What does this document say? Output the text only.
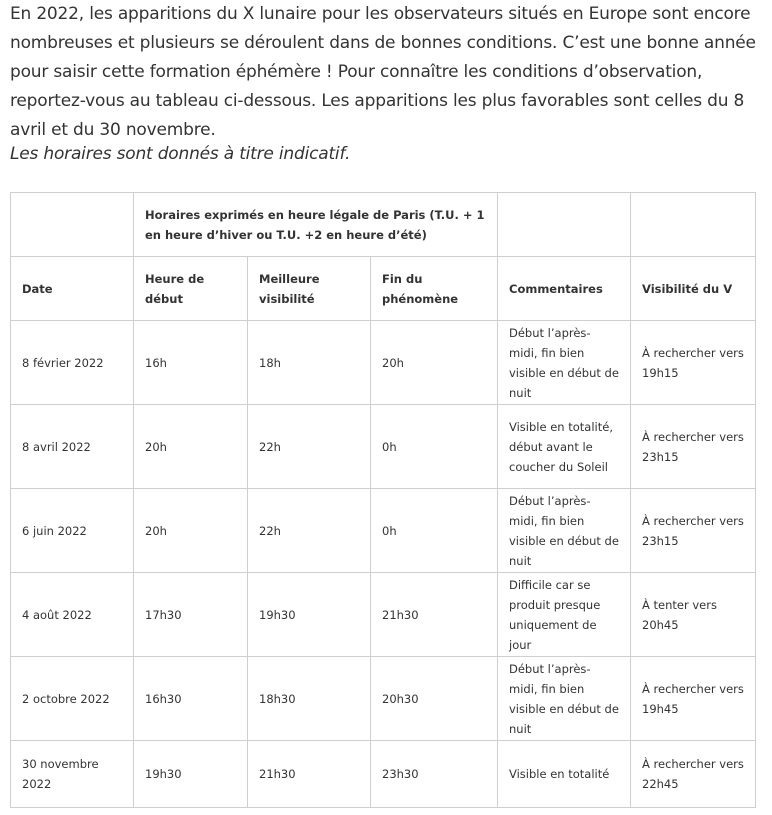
En 2022, les apparitions du X lunaire pour les observateurs situés en Europe sont encore nombreuses et plusieurs se déroulent dans de bonnes conditions. C’est une bonne année pour saisir cette formation éphémère ! Pour connaître les conditions d’observation, reportez-vous au tableau ci-dessous. Les apparitions les plus favorables sont celles du 8 avril et du 30 novembre.

Les horaires sont donnés à titre indicatif.

	Horaires exprimés en heure légale de Paris (T.U. + 1 en heure d’hiver ou T.U. +2 en heure d’été)				
Date	Heure de début	Meilleure visibilité	Fin du phénomène	Commentaires	Visibilité du V
8 février 2022	16h	18h	20h	Début l’après-midi, fin bien visible en début de nuit	À rechercher vers 19h15
8 avril 2022	20h	22h	0h	Visible en totalité, début avant le coucher du Soleil	À rechercher vers 23h15
6 juin 2022	20h	22h	0h	Début l’après-midi, fin bien visible en début de nuit	À rechercher vers 23h15
4 août 2022	17h30	19h30	21h30	Difficile car se produit presque uniquement de jour	À tenter vers 20h45
2 octobre 2022	16h30	18h30	20h30	Début l’après-midi, fin bien visible en début de nuit	À rechercher vers 19h45
30 novembre 2022	19h30	21h30	23h30	Visible en totalité	À rechercher vers 22h45
